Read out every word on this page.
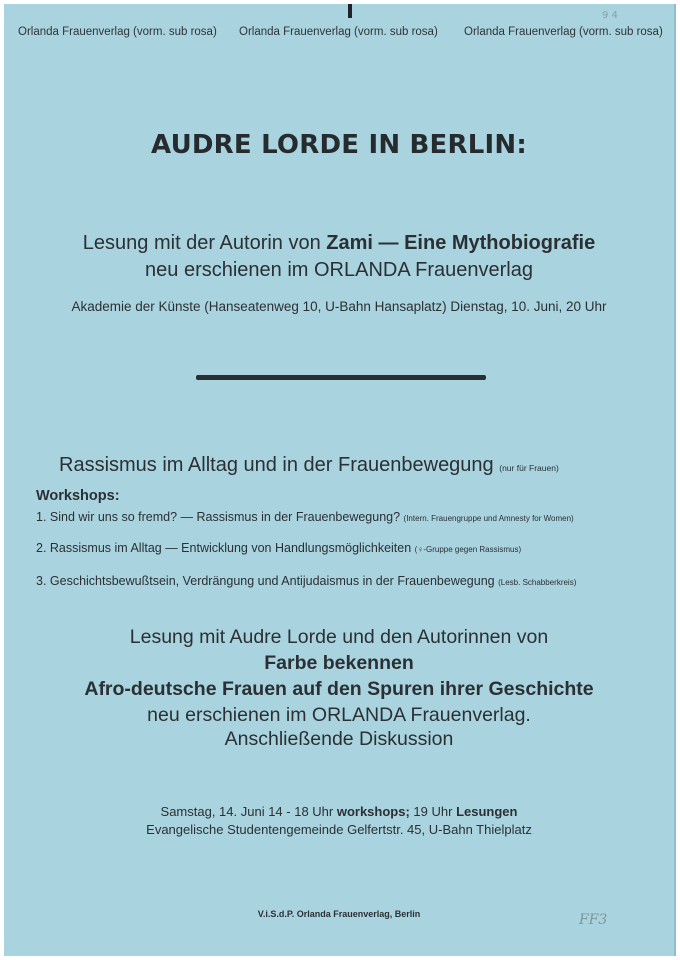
Orlanda Frauenverlag (vorm. sub rosa) Orlanda Frauenverlag (vorm. sub rosa) Orlanda Frauenverlag (vorm. sub rosa)
9 4
AUDRE LORDE IN BERLIN:
Lesung mit der Autorin von Zami — Eine Mythobiografie
neu erschienen im ORLANDA Frauenverlag
Akademie der Künste (Hanseatenweg 10, U-Bahn Hansaplatz) Dienstag, 10. Juni, 20 Uhr
Rassismus im Alltag und in der Frauenbewegung (nur für Frauen)
Workshops:
1. Sind wir uns so fremd? — Rassismus in der Frauenbewegung? (Intern. Frauengruppe und Amnesty for Women)
2. Rassismus im Alltag — Entwicklung von Handlungsmöglichkeiten (♀-Gruppe gegen Rassismus)
3. Geschichtsbewußtsein, Verdrängung und Antijudaismus in der Frauenbewegung (Lesb. Schabberkreis)
Lesung mit Audre Lorde und den Autorinnen von
Farbe bekennen
Afro-deutsche Frauen auf den Spuren ihrer Geschichte
neu erschienen im ORLANDA Frauenverlag.
Anschließende Diskussion
Samstag, 14. Juni 14 - 18 Uhr workshops; 19 Uhr Lesungen
Evangelische Studentengemeinde Gelfertstr. 45, U-Bahn Thielplatz
V.i.S.d.P. Orlanda Frauenverlag, Berlin	FF3
